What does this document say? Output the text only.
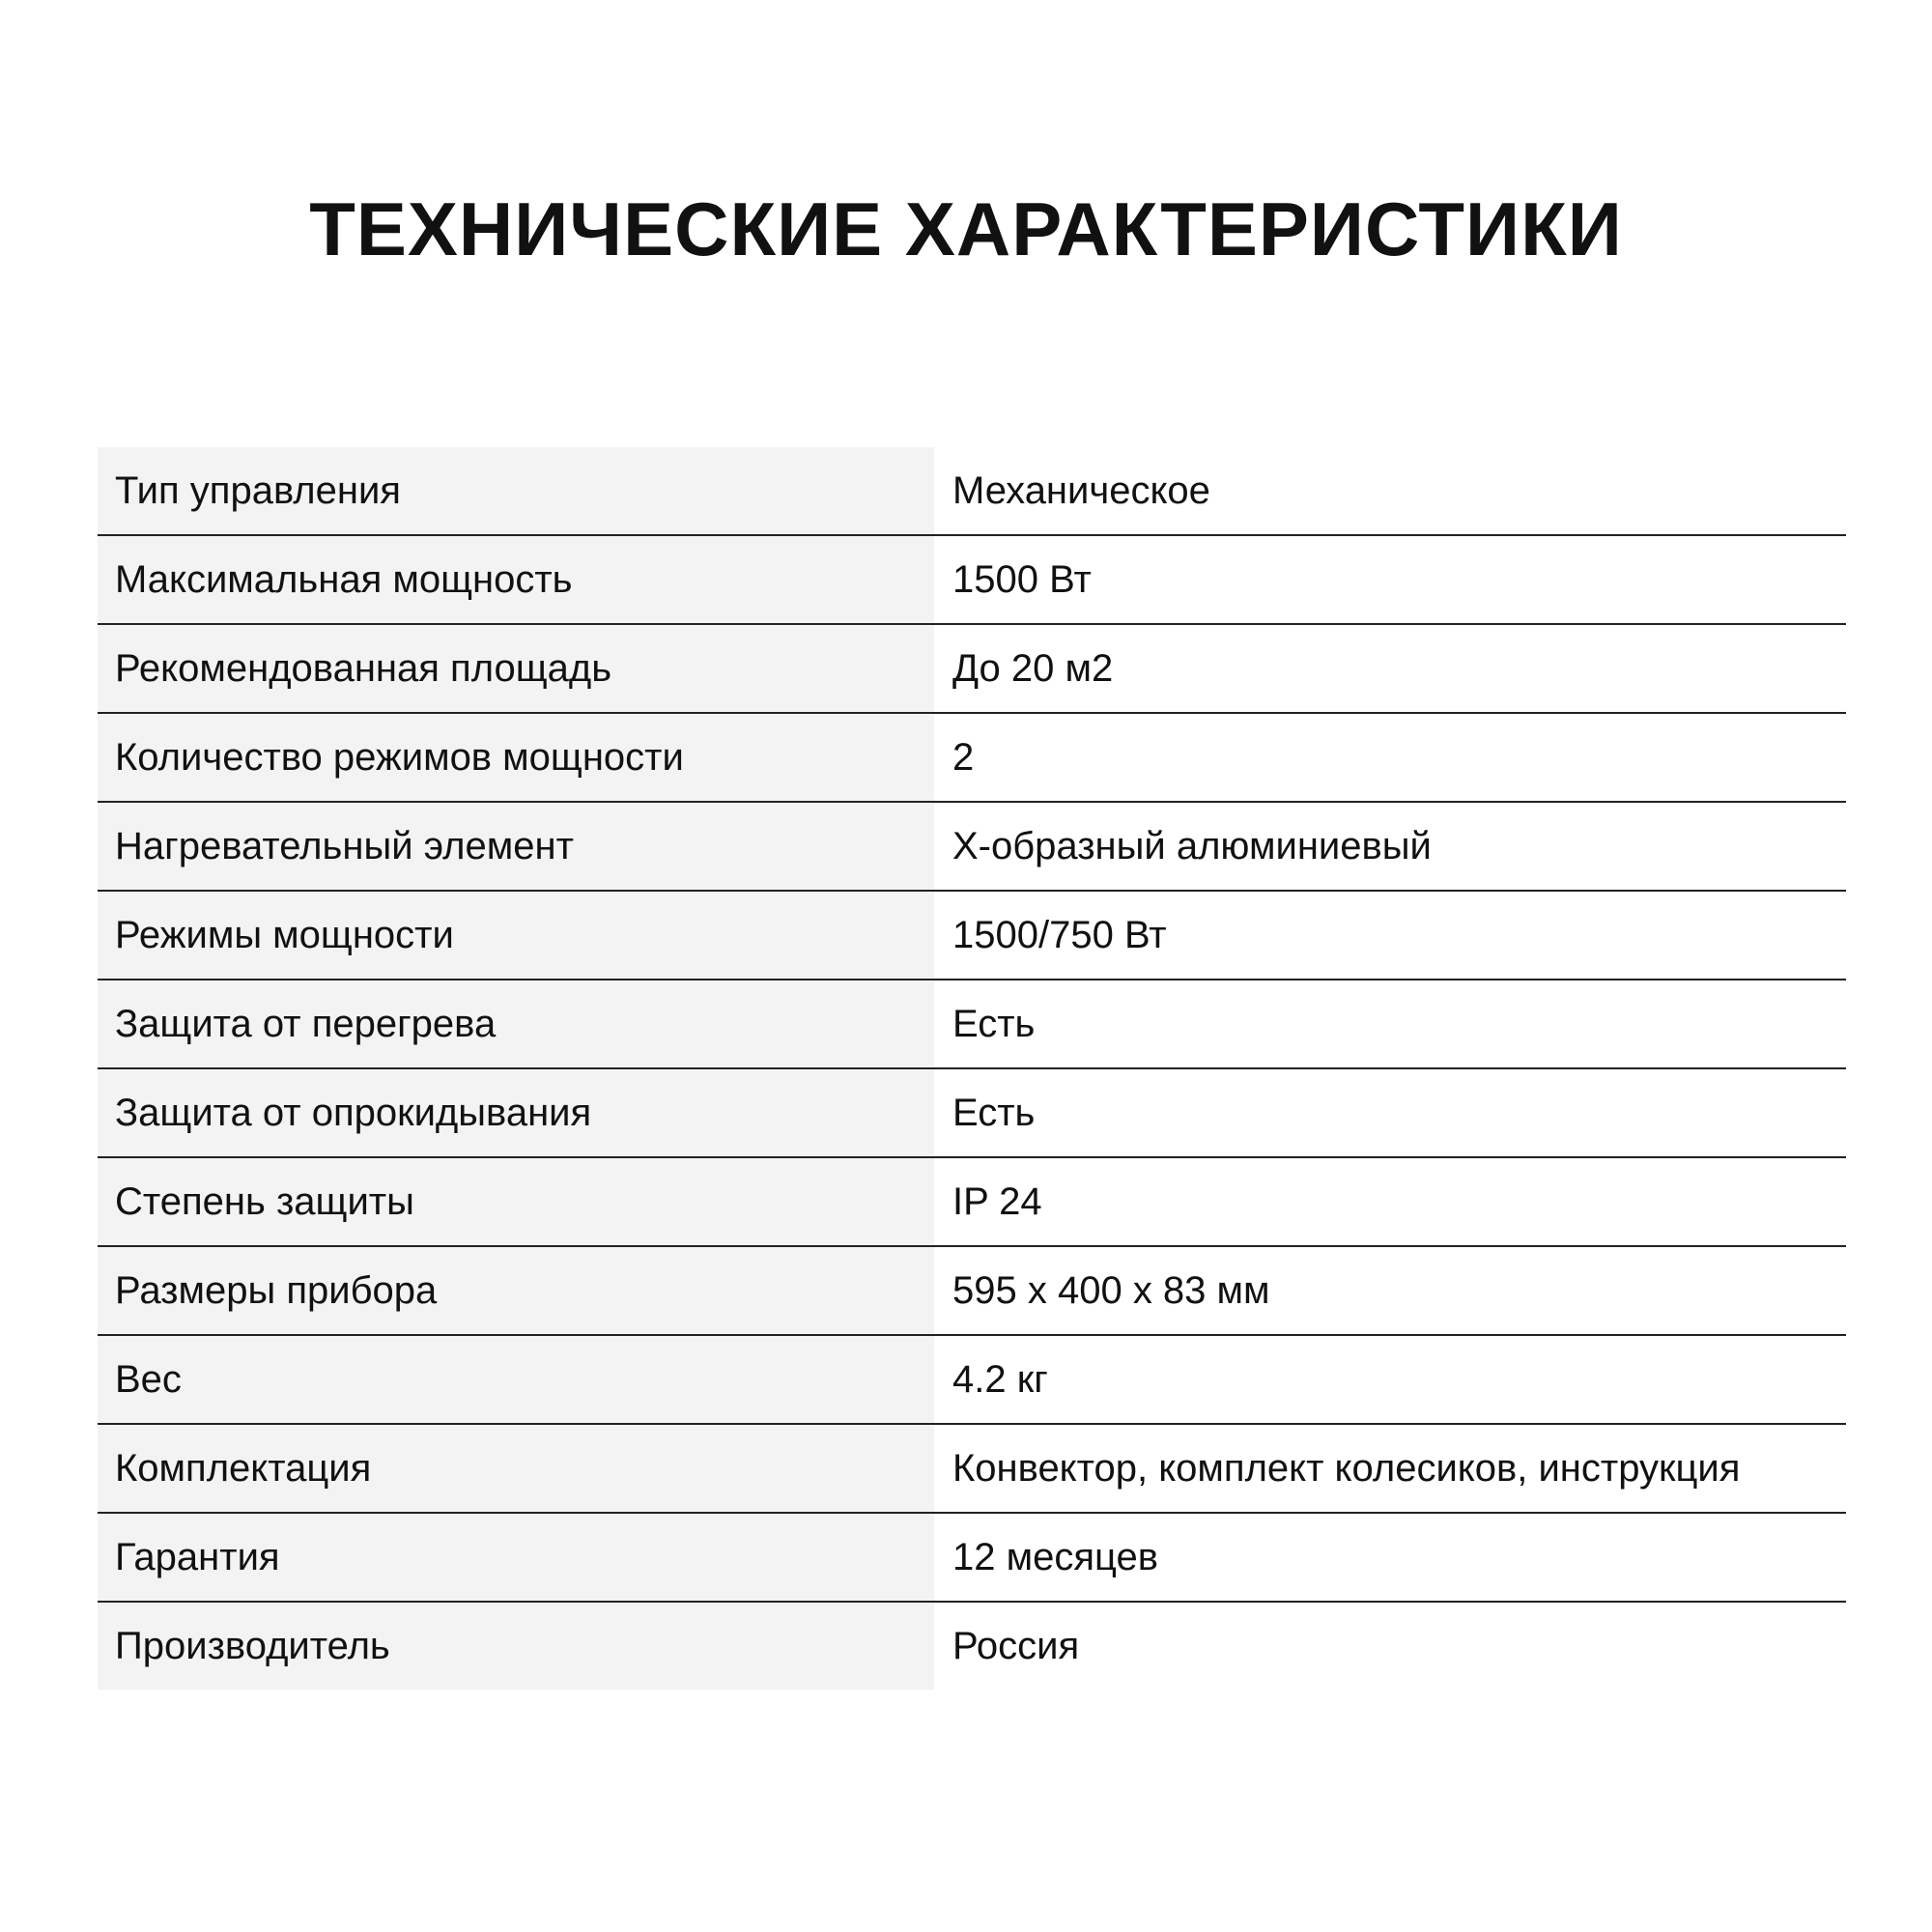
ТЕХНИЧЕСКИЕ ХАРАКТЕРИСТИКИ
Тип управления	Механическое
Максимальная мощность	1500 Вт
Рекомендованная площадь	До 20 м2
Количество режимов мощности	2
Нагревательный элемент	Х-образный алюминиевый
Режимы мощности	1500/750 Вт
Защита от перегрева	Есть
Защита от опрокидывания	Есть
Степень защиты	IP 24
Размеры прибора	595 х 400 х 83 мм
Вес	4.2 кг
Комплектация	Конвектор, комплект колесиков, инструкция
Гарантия	12 месяцев
Производитель	Россия
